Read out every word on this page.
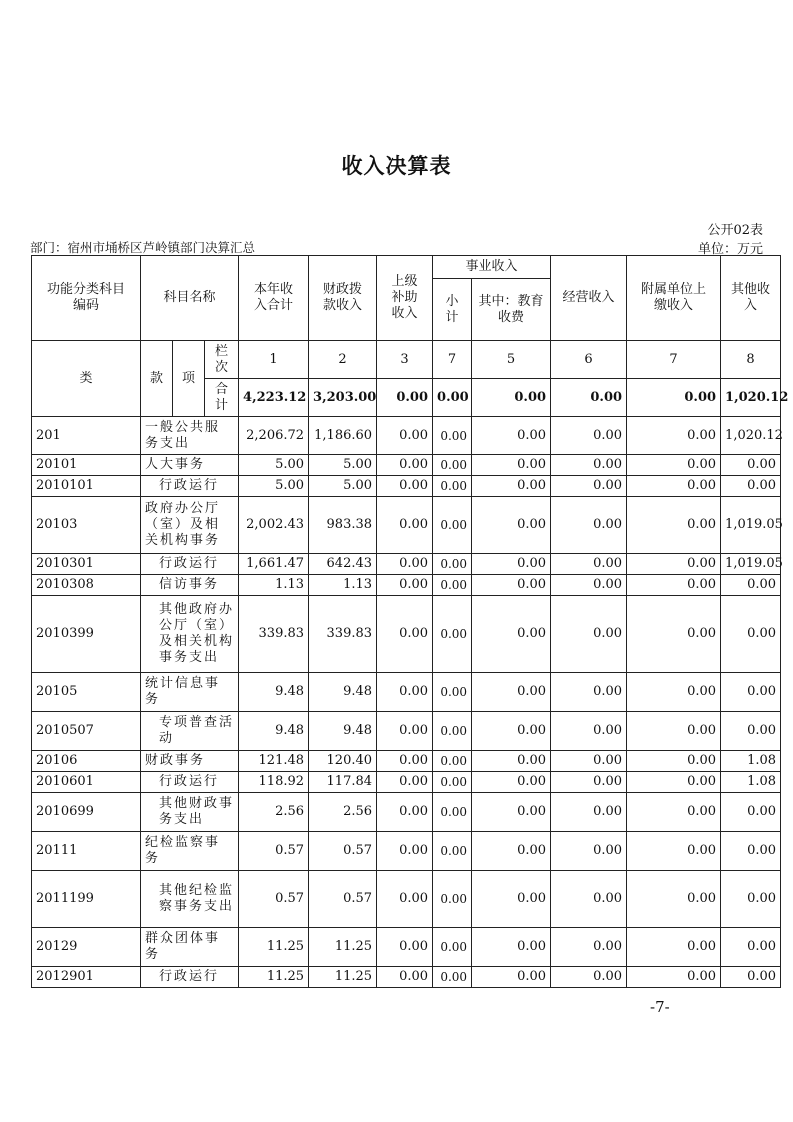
收入决算表
公开02表
部门：宿州市埇桥区芦岭镇部门决算汇总	单位：万元
功能分类科目编码	科目名称			本年收入合计	财政拨款收入	上级补助收入	事业收入		经营收入	附属单位上缴收入	其他收入
							小计	其中：教育收费			
类	款	项	栏次	1	2	3	7	5	6	7	8
			合计	4,223.12	3,203.00	0.00	0.00	0.00	0.00	0.00	1,020.12
201	一般公共服务支出			2,206.72	1,186.60	0.00	0.00	0.00	0.00	0.00	1,020.12
20101	人大事务			5.00	5.00	0.00	0.00	0.00	0.00	0.00	0.00
2010101	行政运行			5.00	5.00	0.00	0.00	0.00	0.00	0.00	0.00
20103	政府办公厅（室）及相关机构事务			2,002.43	983.38	0.00	0.00	0.00	0.00	0.00	1,019.05
2010301	行政运行			1,661.47	642.43	0.00	0.00	0.00	0.00	0.00	1,019.05
2010308	信访事务			1.13	1.13	0.00	0.00	0.00	0.00	0.00	0.00
2010399	其他政府办公厅（室）及相关机构事务支出			339.83	339.83	0.00	0.00	0.00	0.00	0.00	0.00
20105	统计信息事务			9.48	9.48	0.00	0.00	0.00	0.00	0.00	0.00
2010507	专项普查活动			9.48	9.48	0.00	0.00	0.00	0.00	0.00	0.00
20106	财政事务			121.48	120.40	0.00	0.00	0.00	0.00	0.00	1.08
2010601	行政运行			118.92	117.84	0.00	0.00	0.00	0.00	0.00	1.08
2010699	其他财政事务支出			2.56	2.56	0.00	0.00	0.00	0.00	0.00	0.00
20111	纪检监察事务			0.57	0.57	0.00	0.00	0.00	0.00	0.00	0.00
2011199	其他纪检监察事务支出			0.57	0.57	0.00	0.00	0.00	0.00	0.00	0.00
20129	群众团体事务			11.25	11.25	0.00	0.00	0.00	0.00	0.00	0.00
2012901	行政运行			11.25	11.25	0.00	0.00	0.00	0.00	0.00	0.00
-7-
